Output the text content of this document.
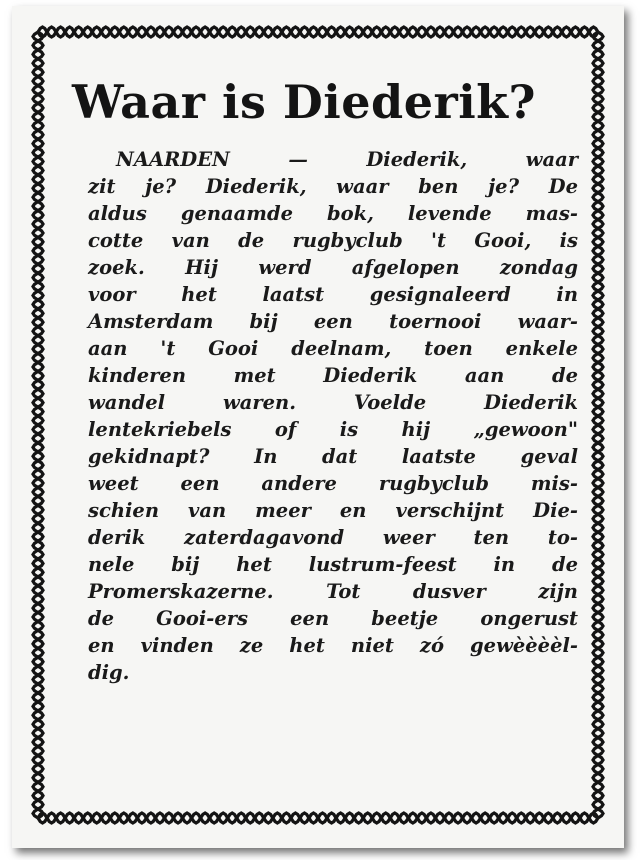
Waar is Diederik?
NAARDEN — Diederik, waar
zit je? Diederik, waar ben je? De
aldus genaamde bok, levende mas-
cotte van de rugbyclub 't Gooi, is
zoek. Hij werd afgelopen zondag
voor het laatst gesignaleerd in
Amsterdam bij een toernooi waar-
aan 't Gooi deelnam, toen enkele
kinderen met Diederik aan de
wandel waren. Voelde Diederik
lentekriebels of is hij „gewoon"
gekidnapt? In dat laatste geval
weet een andere rugbyclub mis-
schien van meer en verschijnt Die-
derik zaterdagavond weer ten to-
nele bij het lustrum-feest in de
Promerskazerne. Tot dusver zijn
de Gooi-ers een beetje ongerust
en vinden ze het niet zó gewèèèèl-
dig.
